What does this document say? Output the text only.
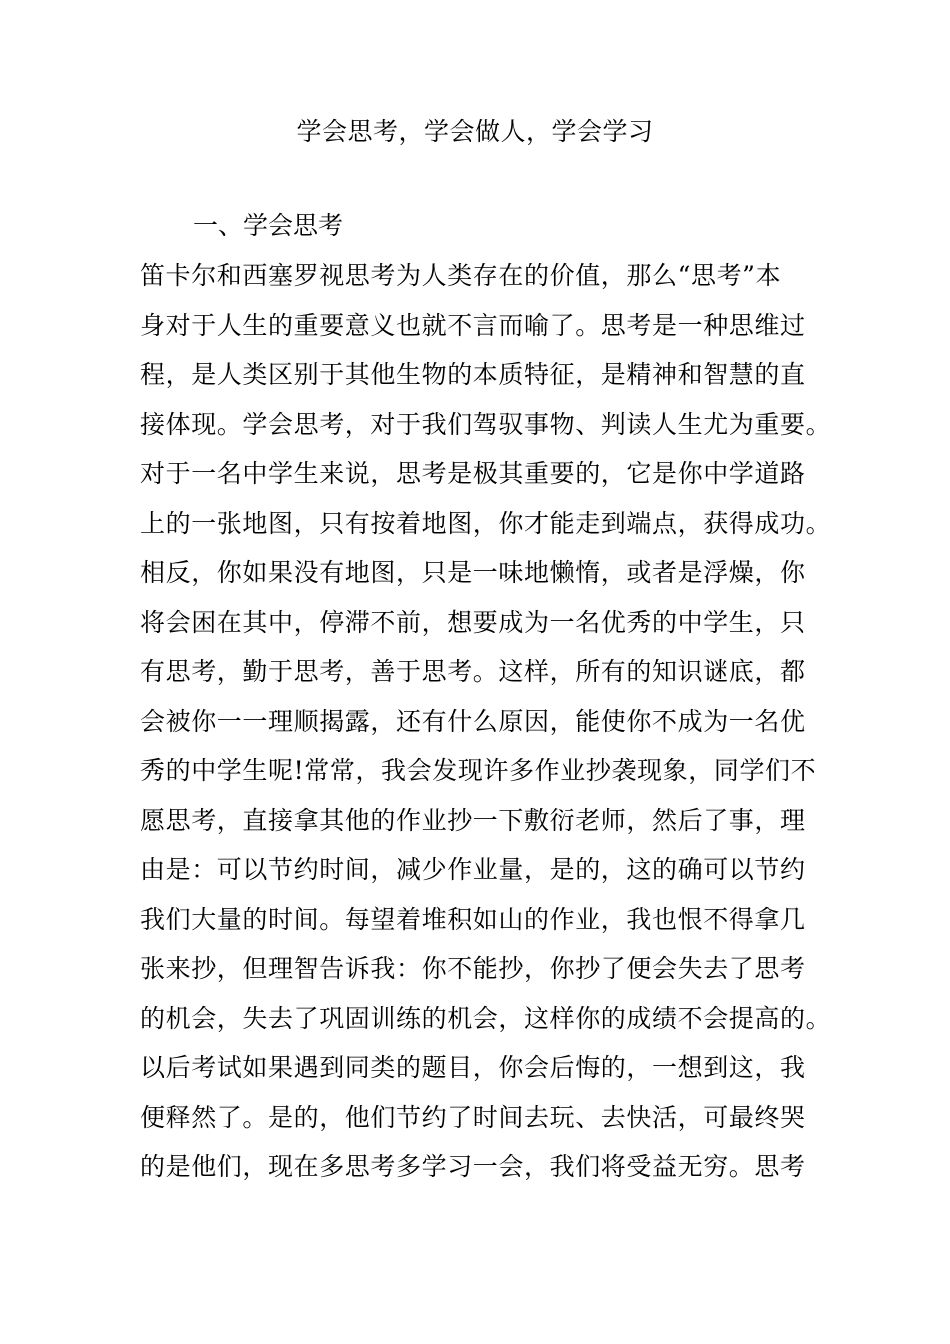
学会思考，学会做人，学会学习
一、学会思考
笛卡尔和西塞罗视思考为人类存在的价值，那么“思考”本
身对于人生的重要意义也就不言而喻了。思考是一种思维过
程，是人类区别于其他生物的本质特征，是精神和智慧的直
接体现。学会思考，对于我们驾驭事物、判读人生尤为重要。
对于一名中学生来说，思考是极其重要的，它是你中学道路
上的一张地图，只有按着地图，你才能走到端点，获得成功。
相反，你如果没有地图，只是一味地懒惰，或者是浮燥，你
将会困在其中，停滞不前，想要成为一名优秀的中学生，只
有思考，勤于思考，善于思考。这样，所有的知识谜底，都
会被你一一理顺揭露，还有什么原因，能使你不成为一名优
秀的中学生呢!常常，我会发现许多作业抄袭现象，同学们不
愿思考，直接拿其他的作业抄一下敷衍老师，然后了事，理
由是：可以节约时间，减少作业量，是的，这的确可以节约
我们大量的时间。每望着堆积如山的作业，我也恨不得拿几
张来抄，但理智告诉我：你不能抄，你抄了便会失去了思考
的机会，失去了巩固训练的机会，这样你的成绩不会提高的。
以后考试如果遇到同类的题目，你会后悔的，一想到这，我
便释然了。是的，他们节约了时间去玩、去快活，可最终哭
的是他们，现在多思考多学习一会，我们将受益无穷。思考
